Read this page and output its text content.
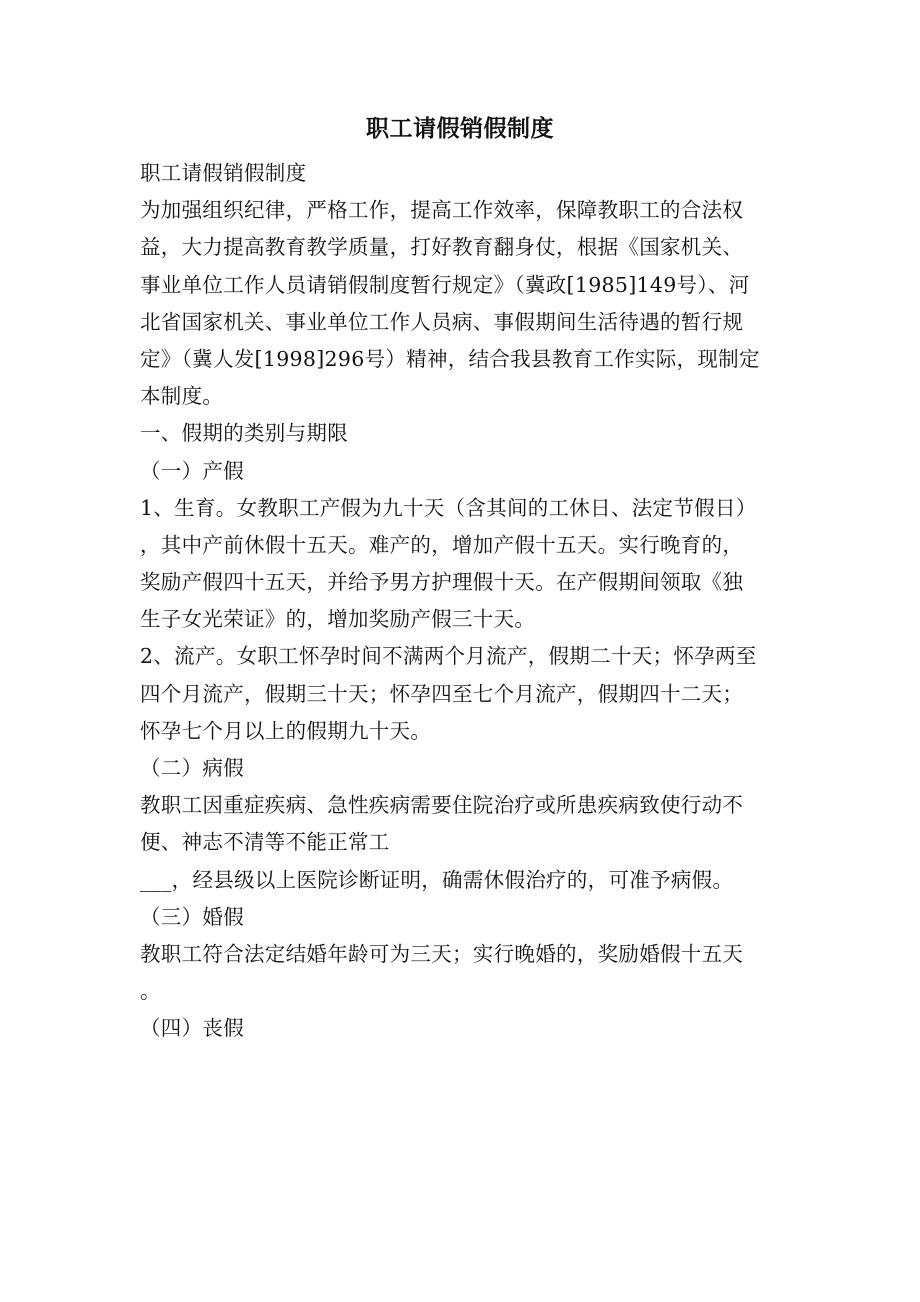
职工请假销假制度
职工请假销假制度
为加强组织纪律，严格工作，提高工作效率，保障教职工的合法权
益，大力提高教育教学质量，打好教育翻身仗，根据《国家机关、
事业单位工作人员请销假制度暂行规定》（冀政[1985]149号）、河
北省国家机关、事业单位工作人员病、事假期间生活待遇的暂行规
定》（冀人发[1998]296号）精神，结合我县教育工作实际，现制定
本制度。
一、假期的类别与期限
（一）产假
1、生育。女教职工产假为九十天（含其间的工休日、法定节假日）
，其中产前休假十五天。难产的，增加产假十五天。实行晚育的，
奖励产假四十五天，并给予男方护理假十天。在产假期间领取《独
生子女光荣证》的，增加奖励产假三十天。
2、流产。女职工怀孕时间不满两个月流产，假期二十天；怀孕两至
四个月流产，假期三十天；怀孕四至七个月流产，假期四十二天；
怀孕七个月以上的假期九十天。
（二）病假
教职工因重症疾病、急性疾病需要住院治疗或所患疾病致使行动不
便、神志不清等不能正常工
___，经县级以上医院诊断证明，确需休假治疗的，可准予病假。
（三）婚假
教职工符合法定结婚年龄可为三天；实行晚婚的，奖励婚假十五天
。
（四）丧假
